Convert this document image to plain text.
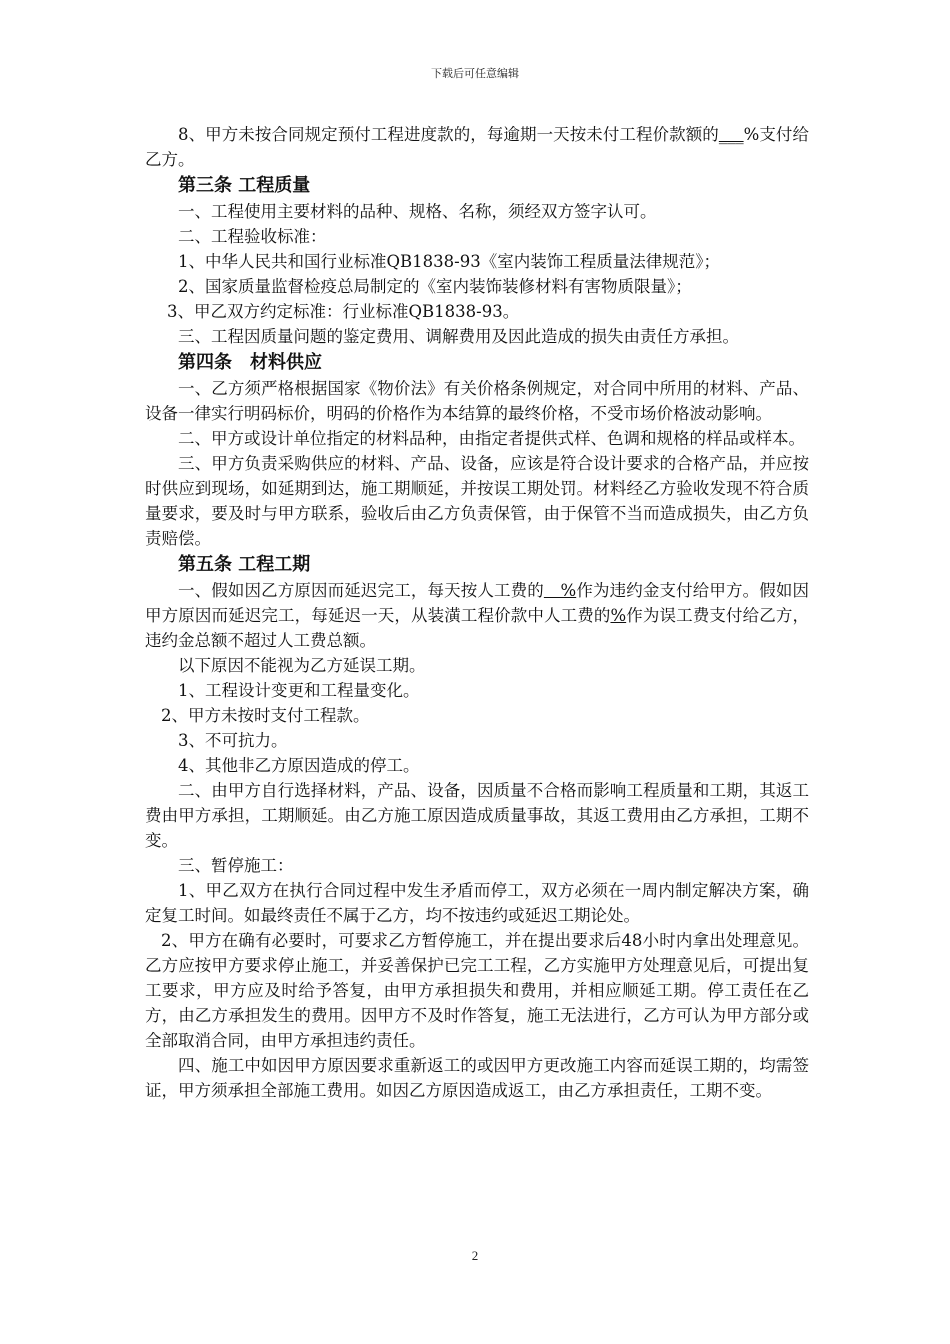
下载后可任意编辑

8、甲方未按合同规定预付工程进度款的，每逾期一天按未付工程价款额的___%支付给乙方。

第三条 工程质量

一、工程使用主要材料的品种、规格、名称，须经双方签字认可。

二、工程验收标准：

1、中华人民共和国行业标准QB1838-93《室内装饰工程质量法律规范》；

2、国家质量监督检疫总局制定的《室内装饰装修材料有害物质限量》；

3、甲乙双方约定标准：行业标准QB1838-93。

三、工程因质量问题的鉴定费用、调解费用及因此造成的损失由责任方承担。

第四条　材料供应

一、乙方须严格根据国家《物价法》有关价格条例规定，对合同中所用的材料、产品、设备一律实行明码标价，明码的价格作为本结算的最终价格，不受市场价格波动影响。

二、甲方或设计单位指定的材料品种，由指定者提供式样、色调和规格的样品或样本。

三、甲方负责采购供应的材料、产品、设备，应该是符合设计要求的合格产品，并应按时供应到现场，如延期到达，施工期顺延，并按误工期处罚。材料经乙方验收发现不符合质量要求，要及时与甲方联系，验收后由乙方负责保管，由于保管不当而造成损失，由乙方负责赔偿。

第五条 工程工期

一、假如因乙方原因而延迟完工，每天按人工费的　%作为违约金支付给甲方。假如因甲方原因而延迟完工，每延迟一天，从装潢工程价款中人工费的%作为误工费支付给乙方，违约金总额不超过人工费总额。

以下原因不能视为乙方延误工期。

1、工程设计变更和工程量变化。

2、甲方未按时支付工程款。

3、不可抗力。

4、其他非乙方原因造成的停工。

二、由甲方自行选择材料，产品、设备，因质量不合格而影响工程质量和工期，其返工费由甲方承担，工期顺延。由乙方施工原因造成质量事故，其返工费用由乙方承担，工期不变。

三、暂停施工：

1、甲乙双方在执行合同过程中发生矛盾而停工，双方必须在一周内制定解决方案，确定复工时间。如最终责任不属于乙方，均不按违约或延迟工期论处。

2、甲方在确有必要时，可要求乙方暂停施工，并在提出要求后48小时内拿出处理意见。乙方应按甲方要求停止施工，并妥善保护已完工工程，乙方实施甲方处理意见后，可提出复工要求，甲方应及时给予答复，由甲方承担损失和费用，并相应顺延工期。停工责任在乙方，由乙方承担发生的费用。因甲方不及时作答复，施工无法进行，乙方可认为甲方部分或全部取消合同，由甲方承担违约责任。

四、施工中如因甲方原因要求重新返工的或因甲方更改施工内容而延误工期的，均需签证，甲方须承担全部施工费用。如因乙方原因造成返工，由乙方承担责任，工期不变。

2
